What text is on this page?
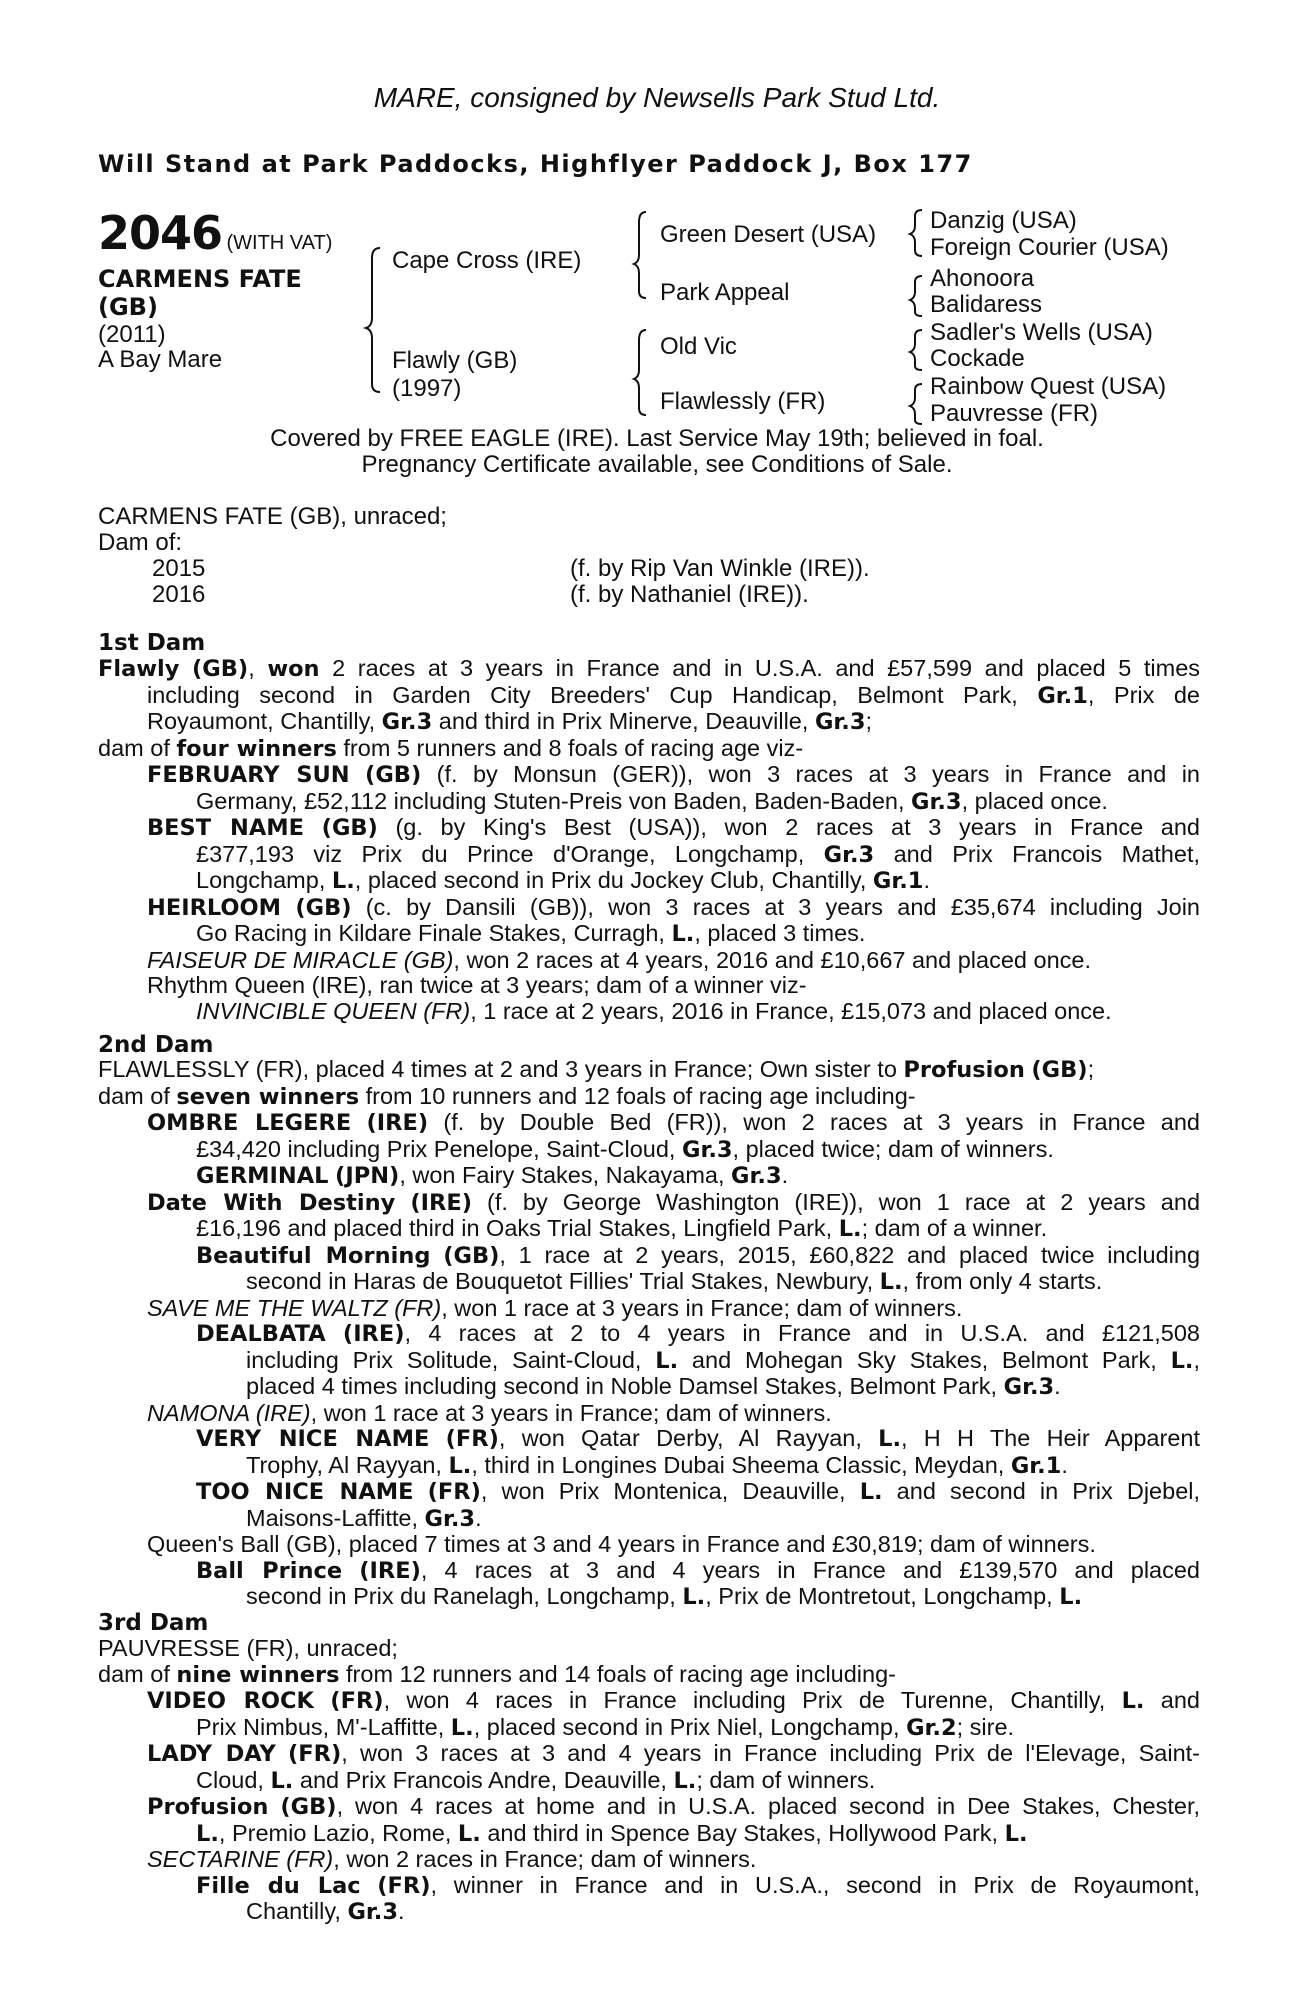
MARE, consigned by Newsells Park Stud Ltd.
Will Stand at Park Paddocks, Highflyer Paddock J, Box 177
2046 (WITH VAT)
CARMENS FATE
(GB)
(2011)
A Bay Mare
Cape Cross (IRE)
Flawly (GB)
(1997)
Green Desert (USA)
Park Appeal
Old Vic
Flawlessly (FR)
Danzig (USA)
Foreign Courier (USA)
Ahonoora
Balidaress
Sadler's Wells (USA)
Cockade
Rainbow Quest (USA)
Pauvresse (FR)
Covered by FREE EAGLE (IRE). Last Service May 19th; believed in foal.
Pregnancy Certificate available, see Conditions of Sale.
CARMENS FATE (GB), unraced;
Dam of:
2015	(f. by Rip Van Winkle (IRE)).
2016	(f. by Nathaniel (IRE)).
1st Dam
Flawly (GB), won 2 races at 3 years in France and in U.S.A. and £57,599 and placed 5 times
including second in Garden City Breeders' Cup Handicap, Belmont Park, Gr.1, Prix de
Royaumont, Chantilly, Gr.3 and third in Prix Minerve, Deauville, Gr.3;
dam of four winners from 5 runners and 8 foals of racing age viz-
FEBRUARY SUN (GB) (f. by Monsun (GER)), won 3 races at 3 years in France and in
Germany, £52,112 including Stuten-Preis von Baden, Baden-Baden, Gr.3, placed once.
BEST NAME (GB) (g. by King's Best (USA)), won 2 races at 3 years in France and
£377,193 viz Prix du Prince d'Orange, Longchamp, Gr.3 and Prix Francois Mathet,
Longchamp, L., placed second in Prix du Jockey Club, Chantilly, Gr.1.
HEIRLOOM (GB) (c. by Dansili (GB)), won 3 races at 3 years and £35,674 including Join
Go Racing in Kildare Finale Stakes, Curragh, L., placed 3 times.
FAISEUR DE MIRACLE (GB), won 2 races at 4 years, 2016 and £10,667 and placed once.
Rhythm Queen (IRE), ran twice at 3 years; dam of a winner viz-
INVINCIBLE QUEEN (FR), 1 race at 2 years, 2016 in France, £15,073 and placed once.
2nd Dam
FLAWLESSLY (FR), placed 4 times at 2 and 3 years in France; Own sister to Profusion (GB);
dam of seven winners from 10 runners and 12 foals of racing age including-
OMBRE LEGERE (IRE) (f. by Double Bed (FR)), won 2 races at 3 years in France and
£34,420 including Prix Penelope, Saint-Cloud, Gr.3, placed twice; dam of winners.
GERMINAL (JPN), won Fairy Stakes, Nakayama, Gr.3.
Date With Destiny (IRE) (f. by George Washington (IRE)), won 1 race at 2 years and
£16,196 and placed third in Oaks Trial Stakes, Lingfield Park, L.; dam of a winner.
Beautiful Morning (GB), 1 race at 2 years, 2015, £60,822 and placed twice including
second in Haras de Bouquetot Fillies' Trial Stakes, Newbury, L., from only 4 starts.
SAVE ME THE WALTZ (FR), won 1 race at 3 years in France; dam of winners.
DEALBATA (IRE), 4 races at 2 to 4 years in France and in U.S.A. and £121,508
including Prix Solitude, Saint-Cloud, L. and Mohegan Sky Stakes, Belmont Park, L.,
placed 4 times including second in Noble Damsel Stakes, Belmont Park, Gr.3.
NAMONA (IRE), won 1 race at 3 years in France; dam of winners.
VERY NICE NAME (FR), won Qatar Derby, Al Rayyan, L., H H The Heir Apparent
Trophy, Al Rayyan, L., third in Longines Dubai Sheema Classic, Meydan, Gr.1.
TOO NICE NAME (FR), won Prix Montenica, Deauville, L. and second in Prix Djebel,
Maisons-Laffitte, Gr.3.
Queen's Ball (GB), placed 7 times at 3 and 4 years in France and £30,819; dam of winners.
Ball Prince (IRE), 4 races at 3 and 4 years in France and £139,570 and placed
second in Prix du Ranelagh, Longchamp, L., Prix de Montretout, Longchamp, L.
3rd Dam
PAUVRESSE (FR), unraced;
dam of nine winners from 12 runners and 14 foals of racing age including-
VIDEO ROCK (FR), won 4 races in France including Prix de Turenne, Chantilly, L. and
Prix Nimbus, M'-Laffitte, L., placed second in Prix Niel, Longchamp, Gr.2; sire.
LADY DAY (FR), won 3 races at 3 and 4 years in France including Prix de l'Elevage, Saint-
Cloud, L. and Prix Francois Andre, Deauville, L.; dam of winners.
Profusion (GB), won 4 races at home and in U.S.A. placed second in Dee Stakes, Chester,
L., Premio Lazio, Rome, L. and third in Spence Bay Stakes, Hollywood Park, L.
SECTARINE (FR), won 2 races in France; dam of winners.
Fille du Lac (FR), winner in France and in U.S.A., second in Prix de Royaumont,
Chantilly, Gr.3.
